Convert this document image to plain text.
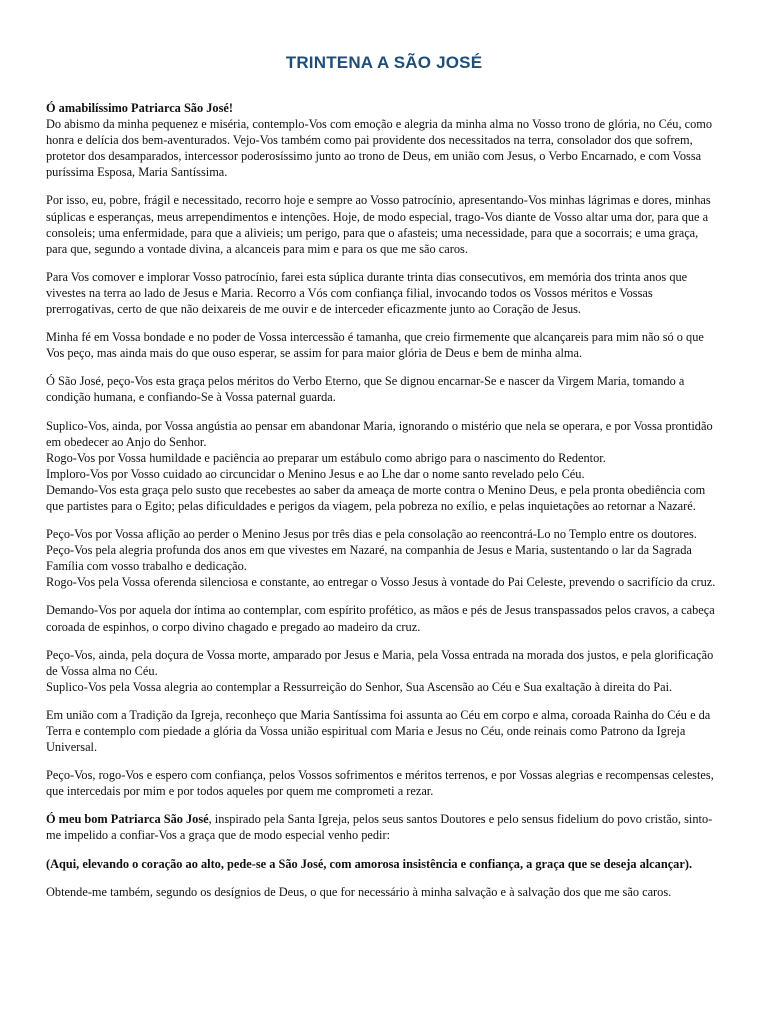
TRINTENA A SÃO JOSÉ

Ó amabilíssimo Patriarca São José!
Do abismo da minha pequenez e miséria, contemplo-Vos com emoção e alegria da minha alma no Vosso trono de glória, no Céu, como honra e delícia dos bem-aventurados. Vejo-Vos também como pai providente dos necessitados na terra, consolador dos que sofrem, protetor dos desamparados, intercessor poderosíssimo junto ao trono de Deus, em união com Jesus, o Verbo Encarnado, e com Vossa puríssima Esposa, Maria Santíssima.

Por isso, eu, pobre, frágil e necessitado, recorro hoje e sempre ao Vosso patrocínio, apresentando-Vos minhas lágrimas e dores, minhas súplicas e esperanças, meus arrependimentos e intenções. Hoje, de modo especial, trago-Vos diante de Vosso altar uma dor, para que a consoleis; uma enfermidade, para que a alivieis; um perigo, para que o afasteis; uma necessidade, para que a socorrais; e uma graça, para que, segundo a vontade divina, a alcanceis para mim e para os que me são caros.

Para Vos comover e implorar Vosso patrocínio, farei esta súplica durante trinta dias consecutivos, em memória dos trinta anos que vivestes na terra ao lado de Jesus e Maria. Recorro a Vós com confiança filial, invocando todos os Vossos méritos e Vossas prerrogativas, certo de que não deixareis de me ouvir e de interceder eficazmente junto ao Coração de Jesus.

Minha fé em Vossa bondade e no poder de Vossa intercessão é tamanha, que creio firmemente que alcançareis para mim não só o que Vos peço, mas ainda mais do que ouso esperar, se assim for para maior glória de Deus e bem de minha alma.

Ó São José, peço-Vos esta graça pelos méritos do Verbo Eterno, que Se dignou encarnar-Se e nascer da Virgem Maria, tomando a condição humana, e confiando-Se à Vossa paternal guarda.

Suplico-Vos, ainda, por Vossa angústia ao pensar em abandonar Maria, ignorando o mistério que nela se operara, e por Vossa prontidão em obedecer ao Anjo do Senhor.
Rogo-Vos por Vossa humildade e paciência ao preparar um estábulo como abrigo para o nascimento do Redentor.
Imploro-Vos por Vosso cuidado ao circuncidar o Menino Jesus e ao Lhe dar o nome santo revelado pelo Céu.
Demando-Vos esta graça pelo susto que recebestes ao saber da ameaça de morte contra o Menino Deus, e pela pronta obediência com que partistes para o Egito; pelas dificuldades e perigos da viagem, pela pobreza no exílio, e pelas inquietações ao retornar a Nazaré.

Peço-Vos por Vossa aflição ao perder o Menino Jesus por três dias e pela consolação ao reencontrá-Lo no Templo entre os doutores.
Peço-Vos pela alegria profunda dos anos em que vivestes em Nazaré, na companhia de Jesus e Maria, sustentando o lar da Sagrada Família com vosso trabalho e dedicação.
Rogo-Vos pela Vossa oferenda silenciosa e constante, ao entregar o Vosso Jesus à vontade do Pai Celeste, prevendo o sacrifício da cruz.

Demando-Vos por aquela dor íntima ao contemplar, com espírito profético, as mãos e pés de Jesus transpassados pelos cravos, a cabeça coroada de espinhos, o corpo divino chagado e pregado ao madeiro da cruz.

Peço-Vos, ainda, pela doçura de Vossa morte, amparado por Jesus e Maria, pela Vossa entrada na morada dos justos, e pela glorificação de Vossa alma no Céu.
Suplico-Vos pela Vossa alegria ao contemplar a Ressurreição do Senhor, Sua Ascensão ao Céu e Sua exaltação à direita do Pai.

Em união com a Tradição da Igreja, reconheço que Maria Santíssima foi assunta ao Céu em corpo e alma, coroada Rainha do Céu e da Terra e contemplo com piedade a glória da Vossa união espiritual com Maria e Jesus no Céu, onde reinais como Patrono da Igreja Universal.

Peço-Vos, rogo-Vos e espero com confiança, pelos Vossos sofrimentos e méritos terrenos, e por Vossas alegrias e recompensas celestes, que intercedais por mim e por todos aqueles por quem me comprometi a rezar.

Ó meu bom Patriarca São José, inspirado pela Santa Igreja, pelos seus santos Doutores e pelo sensus fidelium do povo cristão, sinto-me impelido a confiar-Vos a graça que de modo especial venho pedir:

(Aqui, elevando o coração ao alto, pede-se a São José, com amorosa insistência e confiança, a graça que se deseja alcançar).

Obtende-me também, segundo os desígnios de Deus, o que for necessário à minha salvação e à salvação dos que me são caros.
